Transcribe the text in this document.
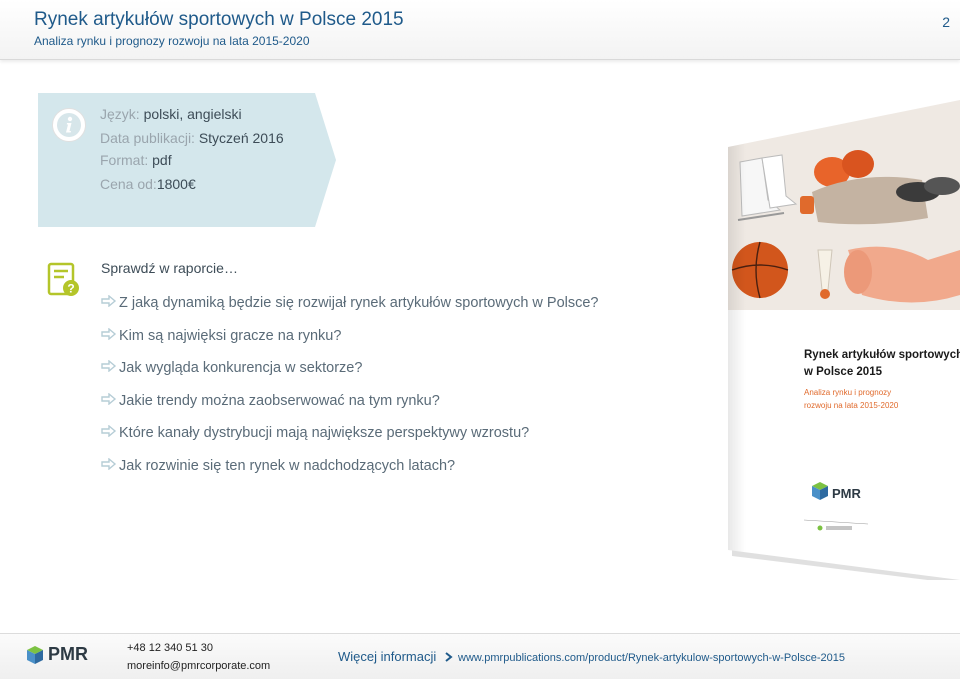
Rynek artykułów sportowych w Polsce 2015
Analiza rynku i prognozy rozwoju na lata 2015-2020
2
Język: polski, angielski
Data publikacji: Styczeń 2016
Format: pdf
Cena od:1800€
?
Sprawdź w raporcie…
Z jaką dynamiką będzie się rozwijał rynek artykułów sportowych w Polsce?
Kim są najwięksi gracze na rynku?
Jak wygląda konkurencja w sektorze?
Jakie trendy można zaobserwować na tym rynku?
Które kanały dystrybucji mają największe perspektywy wzrostu?
Jak rozwinie się ten rynek w nadchodzących latach?
PMR	+48 12 340 51 30
moreinfo@pmrcorporate.com
Więcej informacji www.pmrpublications.com/product/Rynek-artykulow-sportowych-w-Polsce-2015
